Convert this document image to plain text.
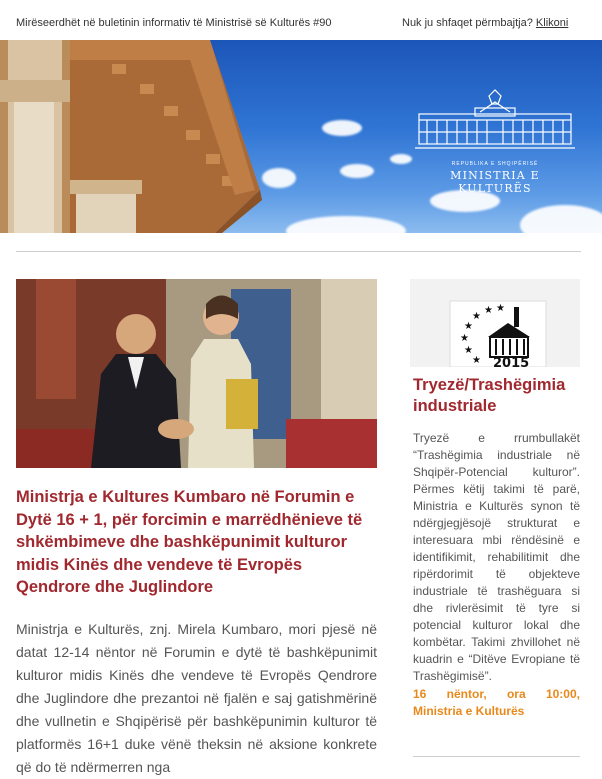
Mirëseerdhët në buletinin informativ të Ministrisë së Kulturës #90	Nuk ju shfaqet përmbajtja? Klikoni
REPUBLIKA E SHQIPËRISË
MINISTRIA E KULTURËS
Ministrja e Kultures Kumbaro në Forumin e Dytë 16 + 1, për forcimin e marrëdhënieve të shkëmbimeve dhe bashkëpunimit kulturor midis Kinës dhe vendeve të Evropës Qendrore dhe Juglindore
Ministrja e Kulturës, znj. Mirela Kumbaro, mori pjesë në datat 12-14 nëntor në Forumin e dytë të bashkëpunimit kulturor midis Kinës dhe vendeve të Evropës Qendrore dhe Juglindore dhe prezantoi në fjalën e saj gatishmërinë dhe vullnetin e Shqipërisë për bashkëpunimin kulturor të platformës 16+1 duke vënë theksin në aksione konkrete që do të ndërmerren nga
★
★
★
★
★
★ ★
2015
Tryezë/Trashëgimia industriale
Tryezë e rrumbullakët “Trashëgimia industriale në Shqipër-Potencial kulturor”. Përmes këtij takimi të parë, Ministria e Kulturës synon të ndërgjegjësojë strukturat e interesuara mbi rëndësinë e identifikimit, rehabilitimit dhe ripërdorimit të objekteve industriale të trashëguara si dhe rivlerësimit të tyre si potencial kulturor lokal dhe kombëtar. Takimi zhvillohet në kuadrin e “Ditëve Evropiane të Trashëgimisë”.
16 nëntor, ora 10:00, Ministria e Kulturës
